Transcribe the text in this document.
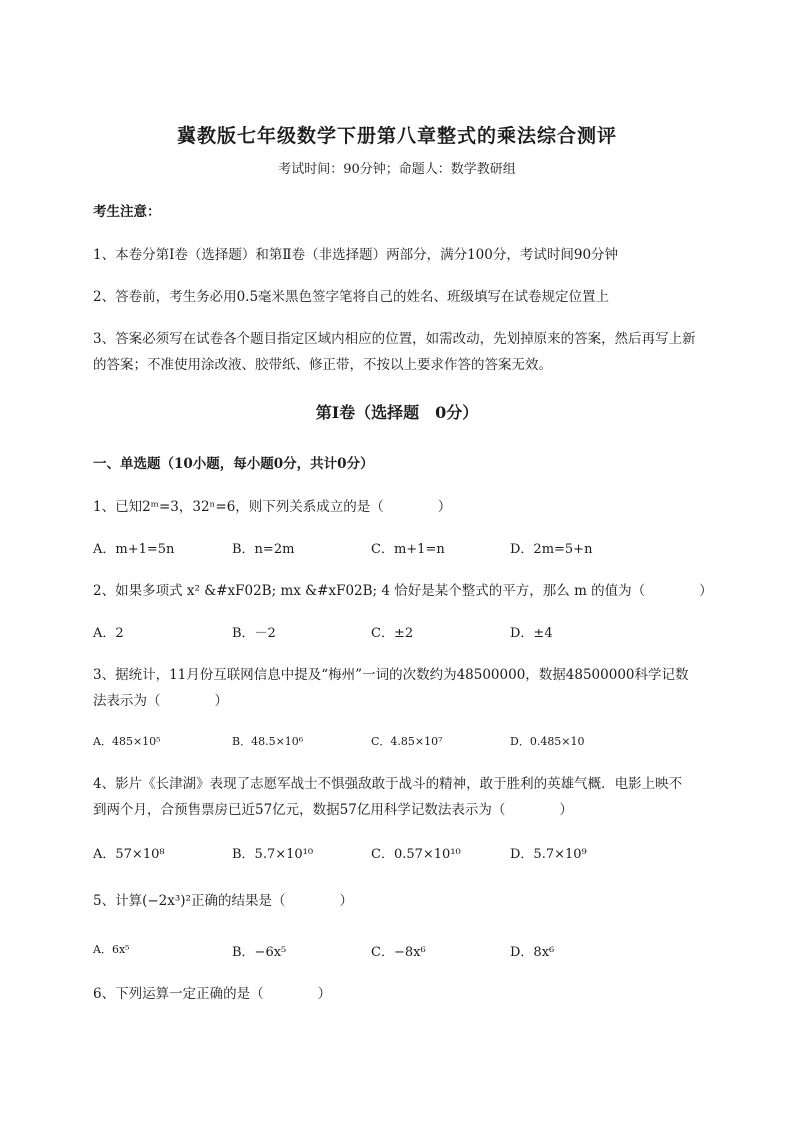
冀教版七年级数学下册第八章整式的乘法综合测评
考试时间：90分钟；命题人：数学教研组
考生注意：
1、本卷分第I卷（选择题）和第Ⅱ卷（非选择题）两部分，满分100分，考试时间90分钟
2、答卷前，考生务必用0.5毫米黑色签字笔将自己的姓名、班级填写在试卷规定位置上
3、答案必须写在试卷各个题目指定区域内相应的位置，如需改动，先划掉原来的答案，然后再写上新
的答案；不准使用涂改液、胶带纸、修正带，不按以上要求作答的答案无效。
第I卷（选择题　0分）
一、单选题（10小题，每小题0分，共计0分）
1、已知2ᵐ=3，32ⁿ=6，则下列关系成立的是（　　　　）
A．m+1=5n	B．n=2m	C．m+1=n	D．2m=5+n
2、如果多项式 x² &#xF02B; mx &#xF02B; 4 恰好是某个整式的平方，那么 m 的值为（　　　　）
A．2	B．－2	C．±2	D．±4
3、据统计，11月份互联网信息中提及“梅州”一词的次数约为48500000，数据48500000科学记数
法表示为（　　　　）
A．485×10⁵	B．48.5×10⁶	C．4.85×10⁷	D．0.485×10
4、影片《长津湖》表现了志愿军战士不惧强敌敢于战斗的精神，敢于胜利的英雄气概．电影上映不
到两个月，合预售票房已近57亿元，数据57亿用科学记数法表示为（　　　　）
A．57×10⁸	B．5.7×10¹⁰	C．0.57×10¹⁰	D．5.7×10⁹
5、计算(−2x³)²正确的结果是（　　　　）
A．6x⁵	B．−6x⁵	C．−8x⁶	D．8x⁶
6、下列运算一定正确的是（　　　　）
